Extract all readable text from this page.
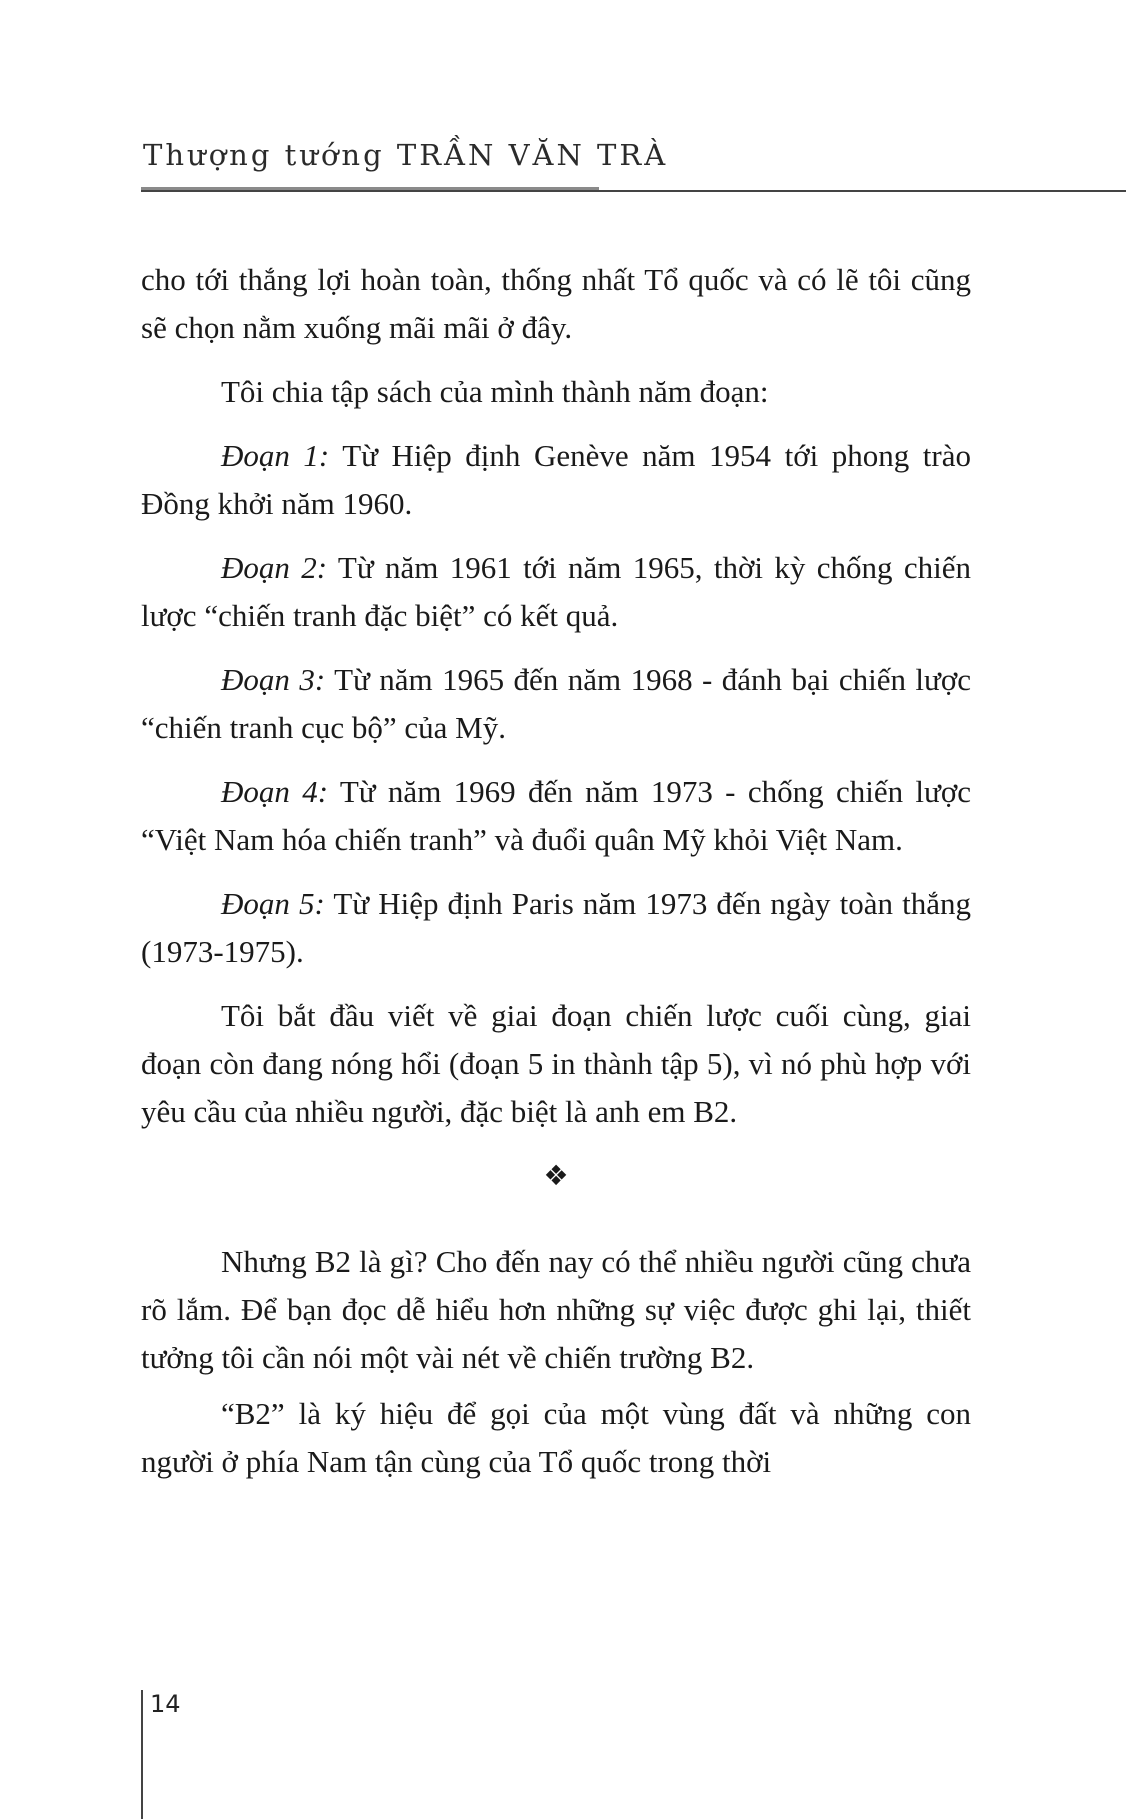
Thượng tướng TRẦN VĂN TRÀ

cho tới thắng lợi hoàn toàn, thống nhất Tổ quốc và có lẽ tôi cũng sẽ chọn nằm xuống mãi mãi ở đây.

Tôi chia tập sách của mình thành năm đoạn:

Đoạn 1: Từ Hiệp định Genève năm 1954 tới phong trào Đồng khởi năm 1960.

Đoạn 2: Từ năm 1961 tới năm 1965, thời kỳ chống chiến lược “chiến tranh đặc biệt” có kết quả.

Đoạn 3: Từ năm 1965 đến năm 1968 - đánh bại chiến lược “chiến tranh cục bộ” của Mỹ.

Đoạn 4: Từ năm 1969 đến năm 1973 - chống chiến lược “Việt Nam hóa chiến tranh” và đuổi quân Mỹ khỏi Việt Nam.

Đoạn 5: Từ Hiệp định Paris năm 1973 đến ngày toàn thắng (1973-1975).

Tôi bắt đầu viết về giai đoạn chiến lược cuối cùng, giai đoạn còn đang nóng hổi (đoạn 5 in thành tập 5), vì nó phù hợp với yêu cầu của nhiều người, đặc biệt là anh em B2.

❖

Nhưng B2 là gì? Cho đến nay có thể nhiều người cũng chưa rõ lắm. Để bạn đọc dễ hiểu hơn những sự việc được ghi lại, thiết tưởng tôi cần nói một vài nét về chiến trường B2.

“B2” là ký hiệu để gọi của một vùng đất và những con người ở phía Nam tận cùng của Tổ quốc trong thời

14
